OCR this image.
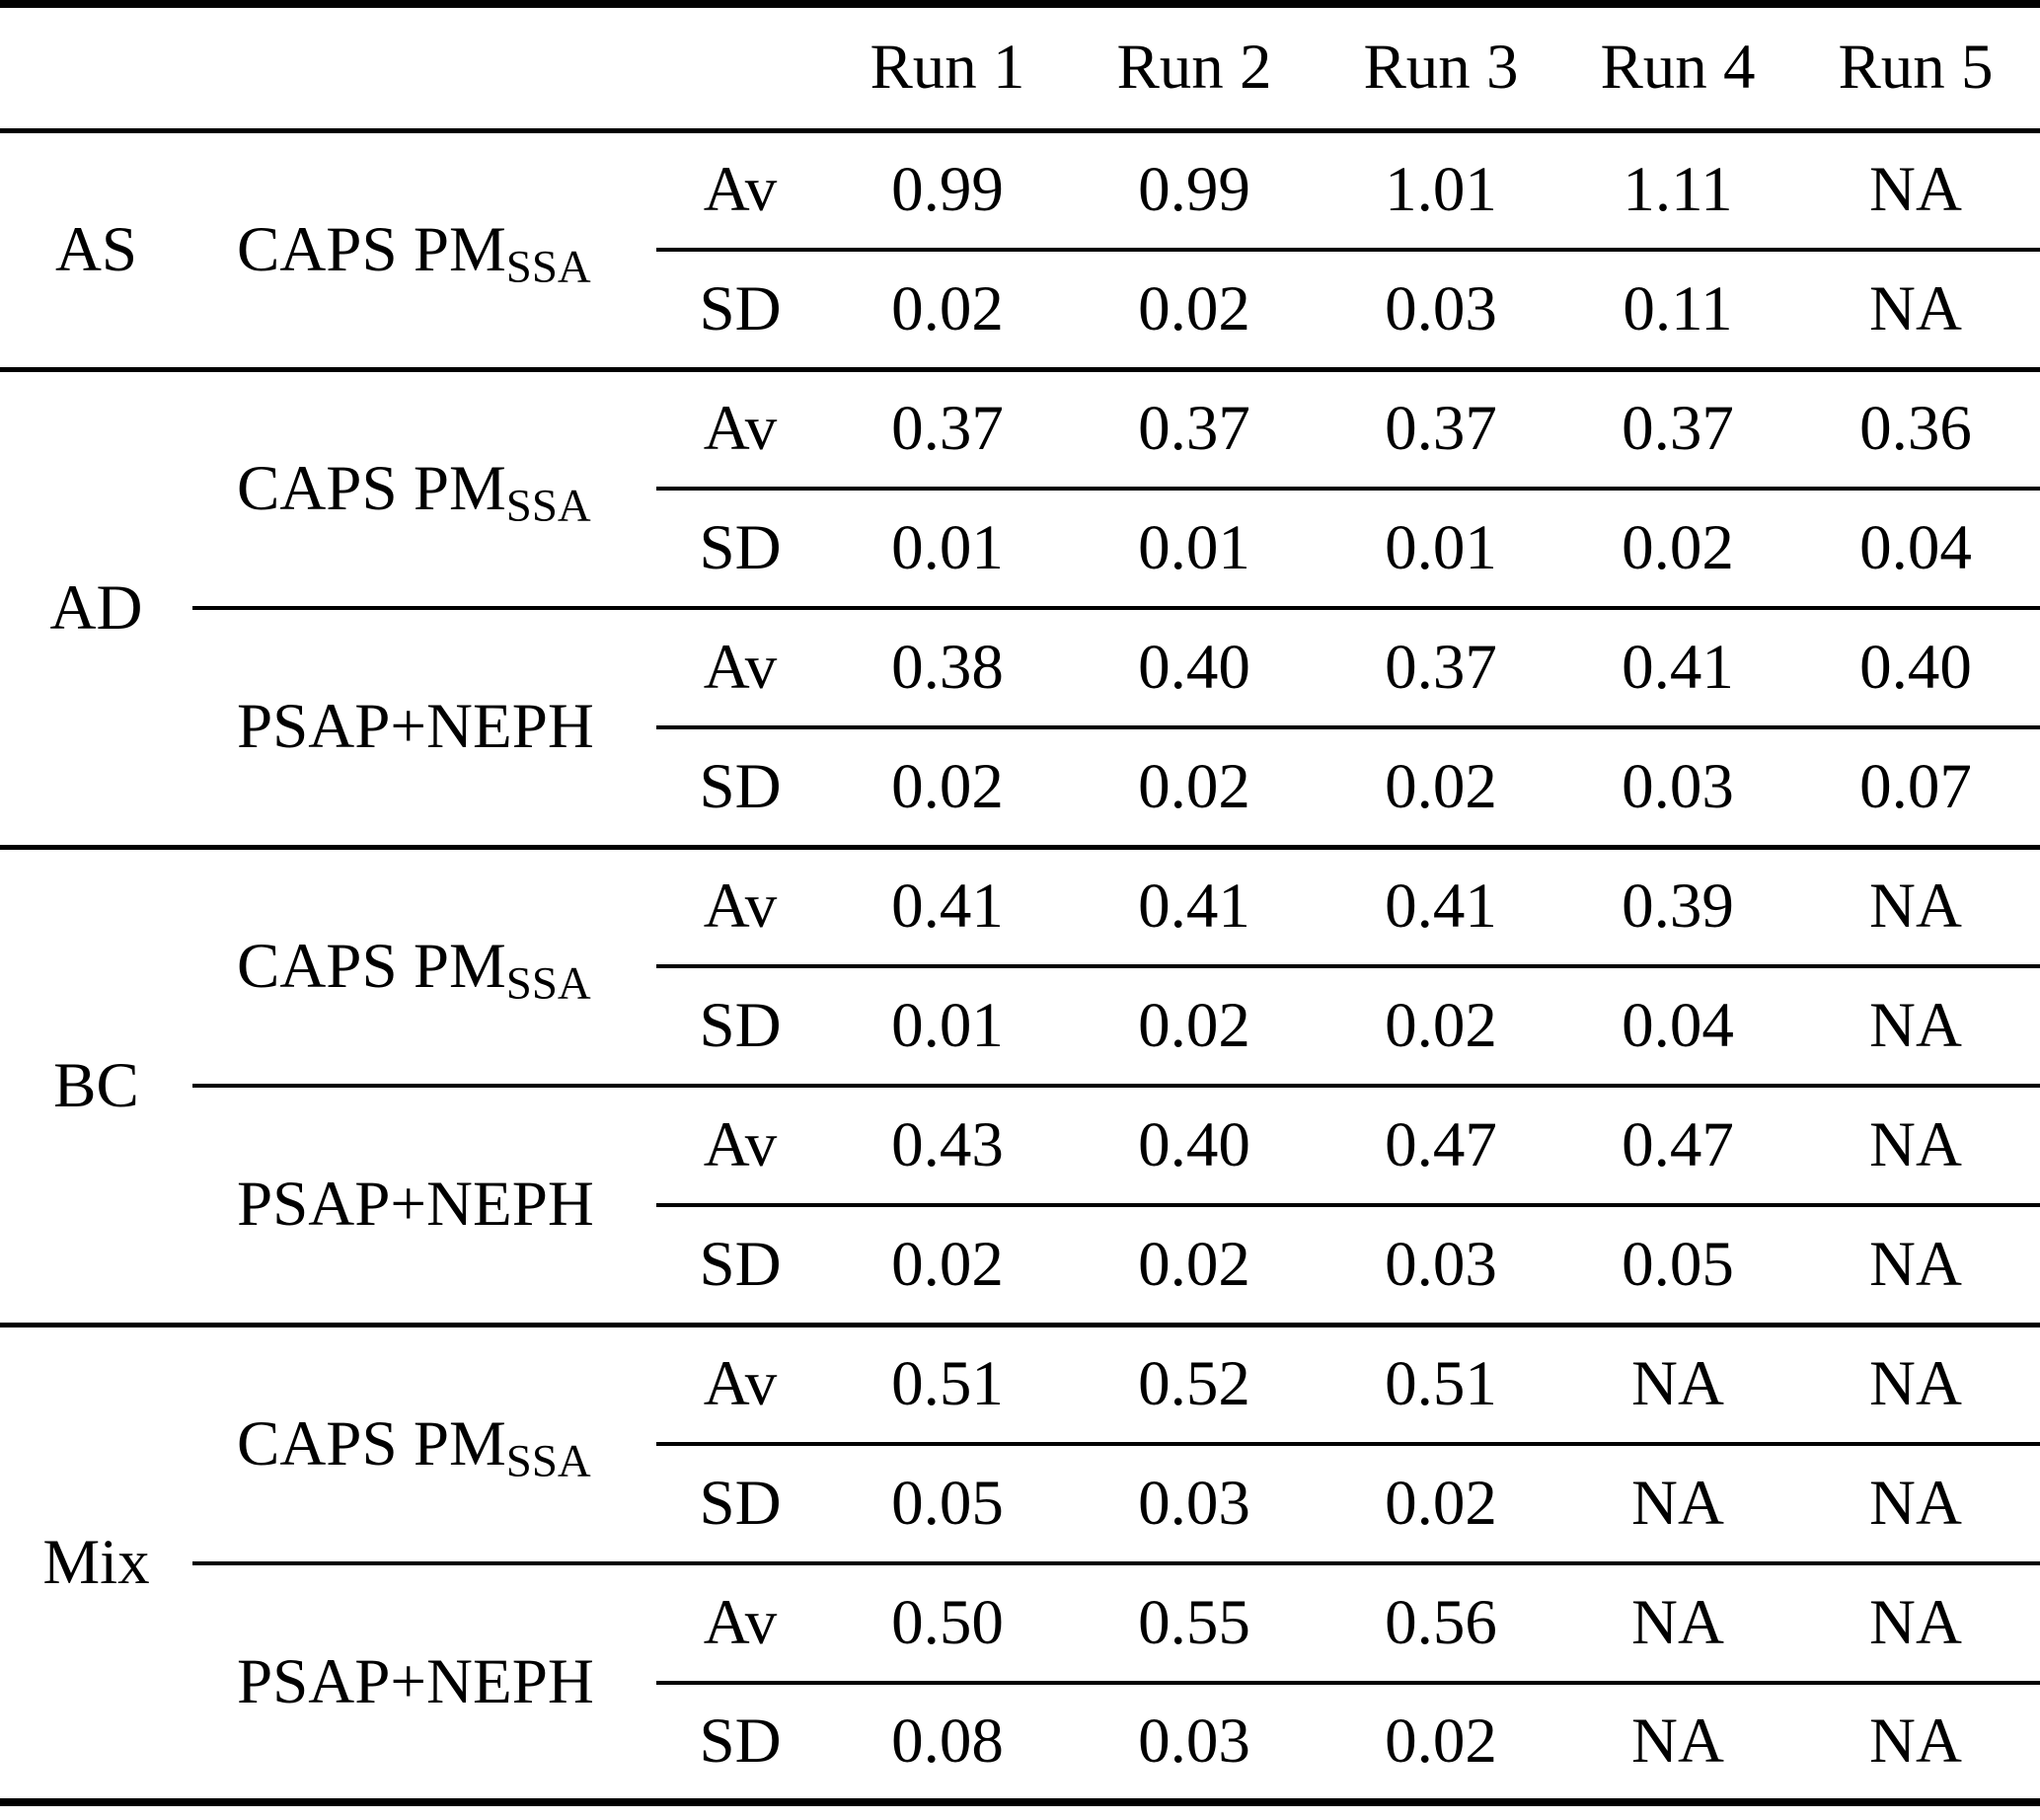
			Run 1	Run 2	Run 3	Run 4	Run 5
AS	CAPS $PM_{SSA}$	Av	0.99	0.99	1.01	1.11	NA
		SD	0.02	0.02	0.03	0.11	NA
AD	CAPS $PM_{SSA}$	Av	0.37	0.37	0.37	0.37	0.36
		SD	0.01	0.01	0.01	0.02	0.04
	PSAP+NEPH	Av	0.38	0.40	0.37	0.41	0.40
		SD	0.02	0.02	0.02	0.03	0.07
BC	CAPS $PM_{SSA}$	Av	0.41	0.41	0.41	0.39	NA
		SD	0.01	0.02	0.02	0.04	NA
	PSAP+NEPH	Av	0.43	0.40	0.47	0.47	NA
		SD	0.02	0.02	0.03	0.05	NA
Mix	CAPS $PM_{SSA}$	Av	0.51	0.52	0.51	NA	NA
		SD	0.05	0.03	0.02	NA	NA
	PSAP+NEPH	Av	0.50	0.55	0.56	NA	NA
		SD	0.08	0.03	0.02	NA	NA
